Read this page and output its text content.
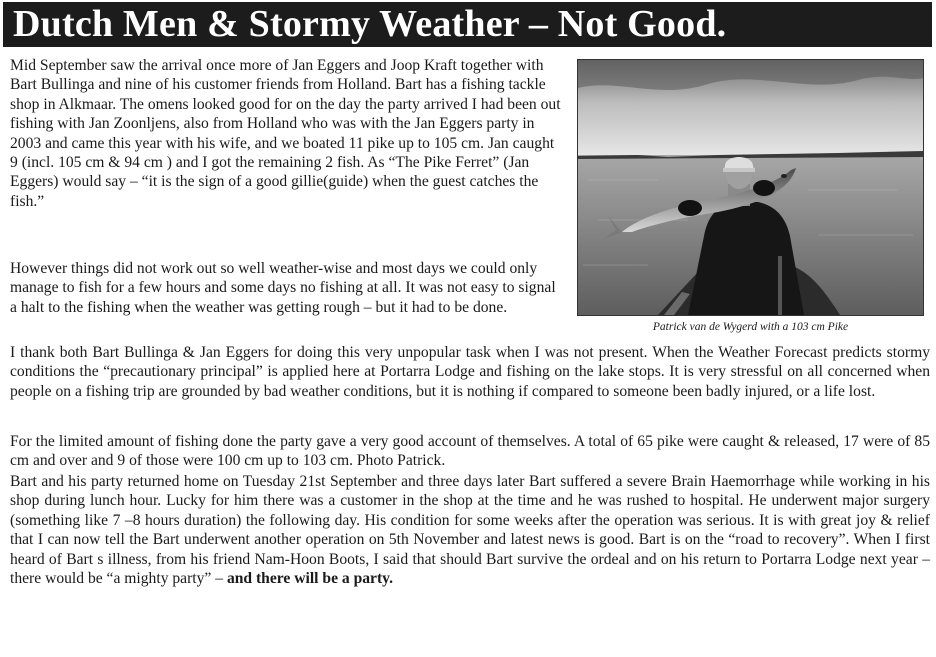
Dutch Men & Stormy Weather – Not Good.

Mid September saw the arrival once more of Jan Eggers and Joop Kraft together with Bart Bullinga and nine of his customer friends from Holland. Bart has a fishing tackle shop in Alkmaar. The omens looked good for on the day the party arrived I had been out fishing with Jan Zoonljens, also from Holland who was with the Jan Eggers party in 2003 and came this year with his wife, and we boated 11 pike up to 105 cm. Jan caught 9 (incl. 105 cm & 94 cm ) and I got the remaining 2 fish. As “The Pike Ferret” (Jan Eggers) would say – “it is the sign of a good gillie(guide) when the guest catches the fish.”

However things did not work out so well weather-wise and most days we could only manage to fish for a few hours and some days no fishing at all. It was not easy to signal a halt to the fishing when the weather was getting rough – but it had to be done.

I thank both Bart Bullinga & Jan Eggers for doing this very unpopular task when I was not present. When the Weather Forecast predicts stormy conditions the “precautionary principal” is applied here at Portarra Lodge and fishing on the lake stops. It is very stressful on all concerned when people on a fishing trip are grounded by bad weather conditions, but it is nothing if compared to someone been badly injured, or a life lost.

For the limited amount of fishing done the party gave a very good account of themselves. A total of 65 pike were caught & released, 17 were of 85 cm and over and 9 of those were 100 cm up to 103 cm. Photo Patrick.

Bart and his party returned home on Tuesday 21st September and three days later Bart suffered a severe Brain Haemorrhage while working in his shop during lunch hour. Lucky for him there was a customer in the shop at the time and he was rushed to hospital. He underwent major surgery (something like 7 –8 hours duration) the following day. His condition for some weeks after the operation was serious. It is with great joy & relief that I can now tell the Bart underwent another operation on 5th November and latest news is good. Bart is on the “road to recovery”. When I first heard of Bart s illness, from his friend Nam-Hoon Boots, I said that should Bart survive the ordeal and on his return to Portarra Lodge next year – there would be “a mighty party” – and there will be a party.

Patrick van de Wygerd with a 103 cm Pike
